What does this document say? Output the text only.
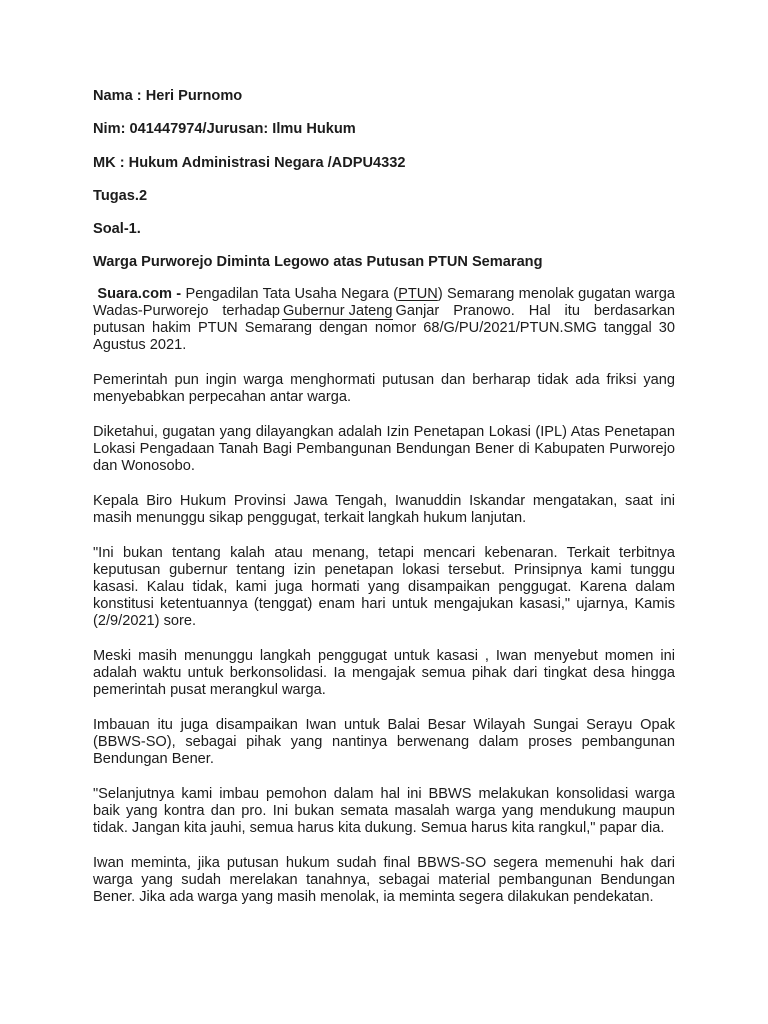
Nama : Heri Purnomo
Nim: 041447974/Jurusan: Ilmu Hukum
MK : Hukum Administrasi Negara /ADPU4332
Tugas.2
Soal-1.
Warga Purworejo Diminta Legowo atas Putusan PTUN Semarang

Suara.com - Pengadilan Tata Usaha Negara (PTUN) Semarang menolak gugatan warga Wadas-Purworejo terhadap Gubernur Jateng Ganjar Pranowo. Hal itu berdasarkan putusan hakim PTUN Semarang dengan nomor 68/G/PU/2021/PTUN.SMG tanggal 30 Agustus 2021.

Pemerintah pun ingin warga menghormati putusan dan berharap tidak ada friksi yang menyebabkan perpecahan antar warga.

Diketahui, gugatan yang dilayangkan adalah Izin Penetapan Lokasi (IPL) Atas Penetapan Lokasi Pengadaan Tanah Bagi Pembangunan Bendungan Bener di Kabupaten Purworejo dan Wonosobo.

Kepala Biro Hukum Provinsi Jawa Tengah, Iwanuddin Iskandar mengatakan, saat ini masih menunggu sikap penggugat, terkait langkah hukum lanjutan.

"Ini bukan tentang kalah atau menang, tetapi mencari kebenaran. Terkait terbitnya keputusan gubernur tentang izin penetapan lokasi tersebut. Prinsipnya kami tunggu kasasi. Kalau tidak, kami juga hormati yang disampaikan penggugat. Karena dalam konstitusi ketentuannya (tenggat) enam hari untuk mengajukan kasasi," ujarnya, Kamis (2/9/2021) sore.

Meski masih menunggu langkah penggugat untuk kasasi , Iwan menyebut momen ini adalah waktu untuk berkonsolidasi. Ia mengajak semua pihak dari tingkat desa hingga pemerintah pusat merangkul warga.

Imbauan itu juga disampaikan Iwan untuk Balai Besar Wilayah Sungai Serayu Opak (BBWS-SO), sebagai pihak yang nantinya berwenang dalam proses pembangunan Bendungan Bener.

"Selanjutnya kami imbau pemohon dalam hal ini BBWS melakukan konsolidasi warga baik yang kontra dan pro. Ini bukan semata masalah warga yang mendukung maupun tidak. Jangan kita jauhi, semua harus kita dukung. Semua harus kita rangkul," papar dia.

Iwan meminta, jika putusan hukum sudah final BBWS-SO segera memenuhi hak dari warga yang sudah merelakan tanahnya, sebagai material pembangunan Bendungan Bener. Jika ada warga yang masih menolak, ia meminta segera dilakukan pendekatan.
